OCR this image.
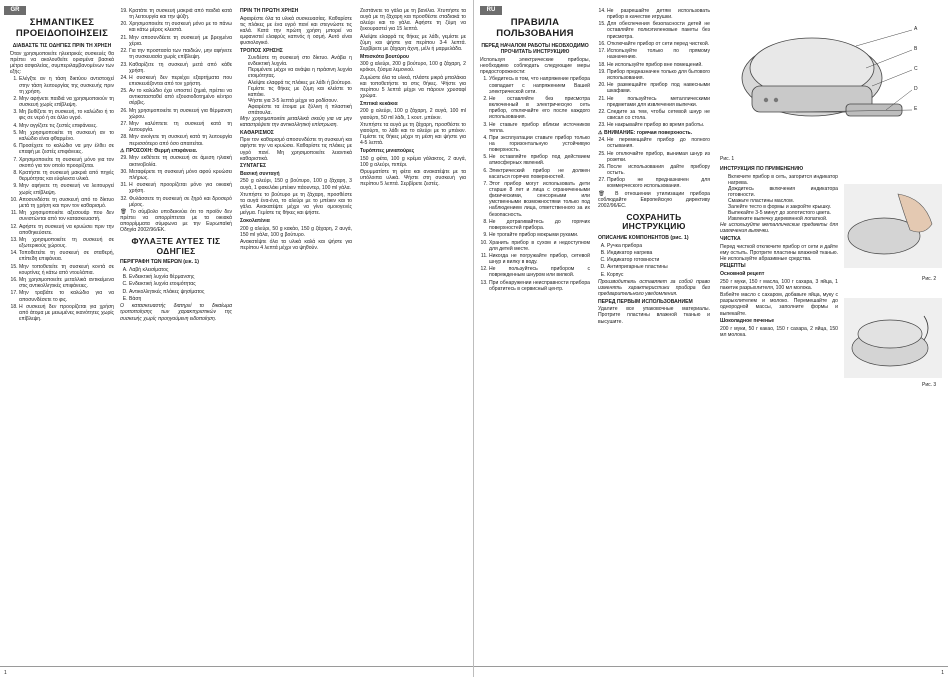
GR
ΣΗΜΑΝΤΙΚΕΣ ΠΡΟΕΙΔΟΠΟΙΗΣΕΙΣ

ΔΙΑΒΑΣΤΕ ΤΙΣ ΟΔΗΓΙΕΣ ΠΡΙΝ ΤΗ ΧΡΗΣΗ

Όταν χρησιμοποιείτε ηλεκτρικές συσκευές θα πρέπει να ακολουθείτε ορισμένα βασικά μέτρα ασφαλείας, συμπεριλαμβανομένων των εξής:

1. Ελέγξτε αν η τάση δικτύου αντιστοιχεί στην τάση λειτουργίας της συσκευής πριν τη χρήση.
2. Μην αφήνετε παιδιά να χρησιμοποιούν τη συσκευή χωρίς επίβλεψη.
3. Μη βυθίζετε τη συσκευή, το καλώδιο ή το φις σε νερό ή σε άλλο υγρό.
4. Μην αγγίζετε τις ζεστές επιφάνειες.
5. Μη χρησιμοποιείτε τη συσκευή αν το καλώδιο είναι φθαρμένο.
6. Προσέχετε το καλώδιο να μην έλθει σε επαφή με ζεστές επιφάνειες.
7. Χρησιμοποιείτε τη συσκευή μόνο για τον σκοπό για τον οποίο προορίζεται.
8. Κρατήστε τη συσκευή μακριά από πηγές θερμότητας και εύφλεκτα υλικά.
9. Μην αφήνετε τη συσκευή να λειτουργεί χωρίς επίβλεψη.
10. Αποσυνδέστε τη συσκευή από το δίκτυο μετά τη χρήση και πριν τον καθαρισμό.
11. Μη χρησιμοποιείτε αξεσουάρ που δεν συνιστώνται από τον κατασκευαστή.
12. Αφήστε τη συσκευή να κρυώσει πριν την αποθηκεύσετε.
13. Μη χρησιμοποιείτε τη συσκευή σε εξωτερικούς χώρους.
14. Τοποθετείτε τη συσκευή σε σταθερή, επίπεδη επιφάνεια.
15. Μην τοποθετείτε τη συσκευή κοντά σε κουρτίνες ή κάτω από ντουλάπια.
16. Μη χρησιμοποιείτε μεταλλικά αντικείμενα στις αντικολλητικές επιφάνειες.
17. Μην τραβάτε το καλώδιο για να αποσυνδέσετε το φις.
18. Η συσκευή δεν προορίζεται για χρήση από άτομα με μειωμένες ικανότητες χωρίς επίβλεψη.
19. Κρατάτε τη συσκευή μακριά από παιδιά κατά τη λειτουργία και την ψύξη.
20. Χρησιμοποιείτε τη συσκευή μόνο με το πάνω και κάτω μέρος κλειστά.
21. Μην αποσυνδέετε τη συσκευή με βρεγμένα χέρια.
22. Για την προστασία των παιδιών, μην αφήνετε τη συσκευασία χωρίς επίβλεψη.
23. Καθαρίζετε τη συσκευή μετά από κάθε χρήση.
24. Η συσκευή δεν περιέχει εξαρτήματα που επισκευάζονται από τον χρήστη.
25. Αν το καλώδιο έχει υποστεί ζημιά, πρέπει να αντικατασταθεί από εξουσιοδοτημένο κέντρο σέρβις.
26. Μη χρησιμοποιείτε τη συσκευή για θέρμανση χώρου.
27. Μην καλύπτετε τη συσκευή κατά τη λειτουργία.
28. Μην ανοίγετε τη συσκευή κατά τη λειτουργία περισσότερο από όσο απαιτείται.

⚠ ΠΡΟΣΟΧΗ: Θερμή επιφάνεια.

29. Μην εκθέτετε τη συσκευή σε άμεση ηλιακή ακτινοβολία.
30. Μεταφέρετε τη συσκευή μόνο αφού κρυώσει πλήρως.
31. Η συσκευή προορίζεται μόνο για οικιακή χρήση.
32. Φυλάσσετε τη συσκευή σε ξηρό και δροσερό μέρος.

🗑 Το σύμβολο υποδεικνύει ότι το προϊόν δεν πρέπει να απορρίπτεται με τα οικιακά απορρίμματα σύμφωνα με την Ευρωπαϊκή Οδηγία 2002/96/ΕΚ.

ΦΥΛΑΞΤΕ ΑΥΤΕΣ ΤΙΣ ΟΔΗΓΙΕΣ

ΠΕΡΙΓΡΑΦΗ ΤΩΝ ΜΕΡΩΝ (εικ. 1)

A. Λαβή κλεισίματος
B. Ενδεικτική λυχνία θέρμανσης
C. Ενδεικτική λυχνία ετοιμότητας
D. Αντικολλητικές πλάκες ψησίματος
E. Βάση

Ο κατασκευαστής διατηρεί το δικαίωμα τροποποίησης των χαρακτηριστικών της συσκευής χωρίς προηγούμενη ειδοποίηση.

ΠΡΙΝ ΤΗ ΠΡΩΤΗ ΧΡΗΣΗ

Αφαιρέστε όλα τα υλικά συσκευασίας. Καθαρίστε τις πλάκες με ένα υγρό πανί και στεγνώστε τις καλά. Κατά την πρώτη χρήση μπορεί να εμφανιστεί ελαφρύς καπνός ή οσμή. Αυτό είναι φυσιολογικό.

ΤΡΟΠΟΣ ΧΡΗΣΗΣ

• Συνδέστε τη συσκευή στο δίκτυο. Ανάβει η ενδεικτική λυχνία.
• Περιμένετε μέχρι να ανάψει η πράσινη λυχνία ετοιμότητας.
• Αλείψτε ελαφρά τις πλάκες με λάδι ή βούτυρο.
• Γεμίστε τις θήκες με ζύμη και κλείστε το καπάκι.
• Ψήστε για 3-5 λεπτά μέχρι να ροδίσουν.
• Αφαιρέστε τα έτοιμα με ξύλινη ή πλαστική σπάτουλα.

Μην χρησιμοποιείτε μεταλλικά σκεύη για να μην καταστρέψετε την αντικολλητική επίστρωση.

ΚΑΘΑΡΙΣΜΟΣ

Πριν τον καθαρισμό αποσυνδέστε τη συσκευή και αφήστε την να κρυώσει. Καθαρίστε τις πλάκες με υγρό πανί. Μη χρησιμοποιείτε λειαντικά καθαριστικά.

ΣΥΝΤΑΓΕΣ

Βασική συνταγή

250 g αλεύρι, 150 g βούτυρο, 100 g ζάχαρη, 3 αυγά, 1 φακελάκι μπέικιν πάουντερ, 100 ml γάλα.

Χτυπήστε το βούτυρο με τη ζάχαρη, προσθέστε τα αυγά ένα-ένα, το αλεύρι με το μπέικιν και το γάλα. Ανακατέψτε μέχρι να γίνει ομοιογενές μείγμα. Γεμίστε τις θήκες και ψήστε.

Σοκολατένια

200 g αλεύρι, 50 g κακάο, 150 g ζάχαρη, 2 αυγά, 150 ml γάλα, 100 g βούτυρο.

Ανακατέψτε όλα τα υλικά καλά και ψήστε για περίπου 4 λεπτά μέχρι να ψηθούν.

Ζεστάνετε το γάλα με τη βανίλια. Χτυπήστε τα αυγά με τη ζάχαρη και προσθέστε σταδιακά το αλεύρι και το γάλα. Αφήστε τη ζύμη να ξεκουραστεί για 15 λεπτά.

Αλείψτε ελαφρά τις θήκες με λάδι, γεμίστε με ζύμη και ψήστε για περίπου 3-4 λεπτά. Σερβίρετε με ζάχαρη άχνη, μέλι ή μαρμελάδα.

Μπισκότα βουτύρου

300 g αλεύρι, 200 g βούτυρο, 100 g ζάχαρη, 2 κρόκοι, ξύσμα λεμονιού.

Ζυμώστε όλα τα υλικά, πλάστε μικρά μπαλάκια και τοποθετήστε τα στις θήκες. Ψήστε για περίπου 5 λεπτά μέχρι να πάρουν χρυσαφί χρώμα.

Σπιτικά κεκάκια

200 g αλεύρι, 100 g ζάχαρη, 2 αυγά, 100 ml γιαούρτι, 50 ml λάδι, 1 κουτ. μπέικιν.

Χτυπήστε τα αυγά με τη ζάχαρη, προσθέστε το γιαούρτι, το λάδι και το αλεύρι με το μπέικιν. Γεμίστε τις θήκες μέχρι τη μέση και ψήστε για 4-5 λεπτά.

Τυρόπιτες μινιατούρες

150 g φέτα, 100 g κρέμα γάλακτος, 2 αυγά, 100 g αλεύρι, πιπέρι.

Θρυμματίστε τη φέτα και ανακατέψτε με τα υπόλοιπα υλικά. Ψήστε στη συσκευή για περίπου 5 λεπτά. Σερβίρετε ζεστές.

1
RU
ПРАВИЛА ПОЛЬЗОВАНИЯ

ПЕРЕД НАЧАЛОМ РАБОТЫ НЕОБХОДИМО ПРОЧИТАТЬ ИНСТРУКЦИЮ

Используя электрические приборы, необходимо соблюдать следующие меры предосторожности:

1. Убедитесь в том, что напряжение прибора совпадает с напряжением Вашей электрической сети.
2. Не оставляйте без присмотра включенный в электрическую сеть прибор, отключайте его после каждого использования.
3. Не ставьте прибор вблизи источников тепла.
4. При эксплуатации ставьте прибор только на горизонтальную устойчивую поверхность.
5. Не оставляйте прибор под действием атмосферных явлений.
6. Электрический прибор не должен касаться горячих поверхностей.
7. Этот прибор могут использовать дети старше 8 лет и лица с ограниченными физическими, сенсорными или умственными возможностями только под наблюдением лица, ответственного за их безопасность.
8. Не дотрагивайтесь до горячих поверхностей прибора.
9. Не трогайте прибор мокрыми руками.
10. Хранить прибор в сухом и недоступном для детей месте.
11. Никогда не погружайте прибор, сетевой шнур и вилку в воду.
12. Не пользуйтесь прибором с поврежденным шнуром или вилкой.
13. При обнаружении неисправности прибора обратитесь в сервисный центр.
14. Не разрешайте детям использовать прибор в качестве игрушки.
15. Для обеспечения безопасности детей не оставляйте полиэтиленовые пакеты без присмотра.
16. Отключайте прибор от сети перед чисткой.
17. Используйте только по прямому назначению.
18. Не используйте прибор вне помещений.
19. Прибор предназначен только для бытового использования.
20. Не размещайте прибор под навесными шкафами.
21. Не пользуйтесь металлическими предметами для извлечения выпечки.
22. Следите за тем, чтобы сетевой шнур не свисал со стола.
23. Не накрывайте прибор во время работы.

⚠ ВНИМАНИЕ: горячая поверхность.

24. Не перемещайте прибор до полного остывания.
25. Не отключайте прибор, вынимая шнур из розетки.
26. После использования дайте прибору остыть.
27. Прибор не предназначен для коммерческого использования.

🗑 В отношении утилизации прибора соблюдайте Европейскую директиву 2002/96/EC.

СОХРАНИТЬ ИНСТРУКЦИЮ

ОПИСАНИЕ КОМПОНЕНТОВ (рис. 1)

A. Ручка прибора
B. Индикатор нагрева
C. Индикатор готовности
D. Антипригарные пластины
E. Корпус

Производитель оставляет за собой право изменять характеристики прибора без предварительного уведомления.

ПЕРЕД ПЕРВЫМ ИСПОЛЬЗОВАНИЕМ

Удалите все упаковочные материалы. Протрите пластины влажной тканью и высушите.

A
B
C
D
E
Рис. 1

ИНСТРУКЦИЯ ПО ПРИМЕНЕНИЮ

• Включите прибор в сеть, загорится индикатор нагрева.
• Дождитесь включения индикатора готовности.
• Смажьте пластины маслом.
• Залейте тесто в формы и закройте крышку.
• Выпекайте 3-5 минут до золотистого цвета.
• Извлеките выпечку деревянной лопаткой.

Не используйте металлические предметы для извлечения выпечки.

ЧИСТКА

Перед чисткой отключите прибор от сети и дайте ему остыть. Протрите пластины влажной тканью. Не используйте абразивные средства.

РЕЦЕПТЫ

Основной рецепт

250 г муки, 150 г масла, 100 г сахара, 3 яйца, 1 пакетик разрыхлителя, 100 мл молока.

Взбейте масло с сахаром, добавьте яйца, муку с разрыхлителем и молоко. Перемешайте до однородной массы, заполните формы и выпекайте.

Шоколадное печенье

200 г муки, 50 г какао, 150 г сахара, 2 яйца, 150 мл молока.

Рис. 2
Рис. 3
1
